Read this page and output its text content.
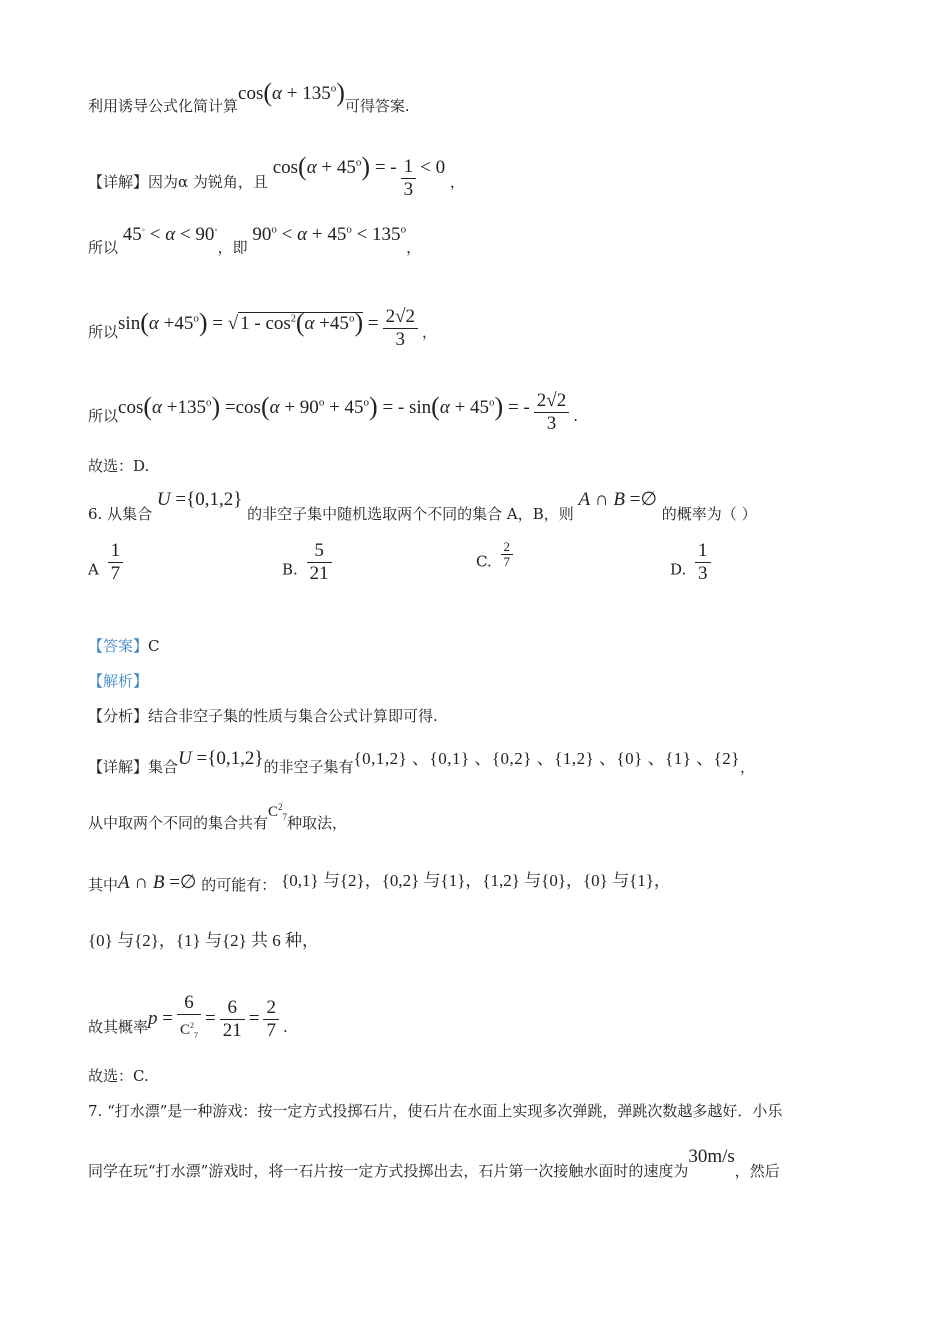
利用诱导公式化简计算$\cos(\alpha + 135^o)$可得答案.
【详解】因为α 为锐角，且 $\cos(\alpha + 45^o)$ = - $\frac{1}{3} < 0$ ，
所以 45◦ < α < 90◦，即 $90^o < \alpha + 45^o < 135^o$，
所以$\sin(\alpha +45^o)$ = √ $1 - \cos^2(\alpha +45^o) = \frac{2√2}{3}$ ，
所以$\cos(\alpha +135^o) =\cos(\alpha + 90^o + 45^o)$ = - $\sin(\alpha + 45^o)$ = - $\frac{2√2}{3}$ .
故选：D.
6. 从集合 U ={0,1,2} 的非空子集中随机选取两个不同的集合 A，B，则 A ∩ B =∅ 的概率为（ ）
A $\frac{1}{7}$	B. $\frac{5}{21}$	C. $\frac{2}{7}$
D. $\frac{1}{3}$
【答案】C
【解析】
【分析】结合非空子集的性质与集合公式计算即可得.
【详解】集合U ={0,1,2}的非空子集有{0,1,2} 、{0,1} 、{0,2} 、{1,2} 、{0} 、{1} 、{2}，
从中取两个不同的集合共有$C^2_7$种取法，
其中A ∩ B =∅ 的可能有： {0,1} 与{2}，{0,2} 与{1}，{1,2} 与{0}，{0} 与{1}，
{0} 与{2}，{1} 与{2} 共 6 种，
故其概率$p = \frac{6}{C^2_7} = \frac{6}{21} = \frac{2}{7}$ .
故选：C.
7. “打水漂”是一种游戏：按一定方式投掷石片，使石片在水面上实现多次弹跳，弹跳次数越多越好．小乐
同学在玩“打水漂”游戏时，将一石片按一定方式投掷出去，石片第一次接触水面时的速度为30m/s，然后
